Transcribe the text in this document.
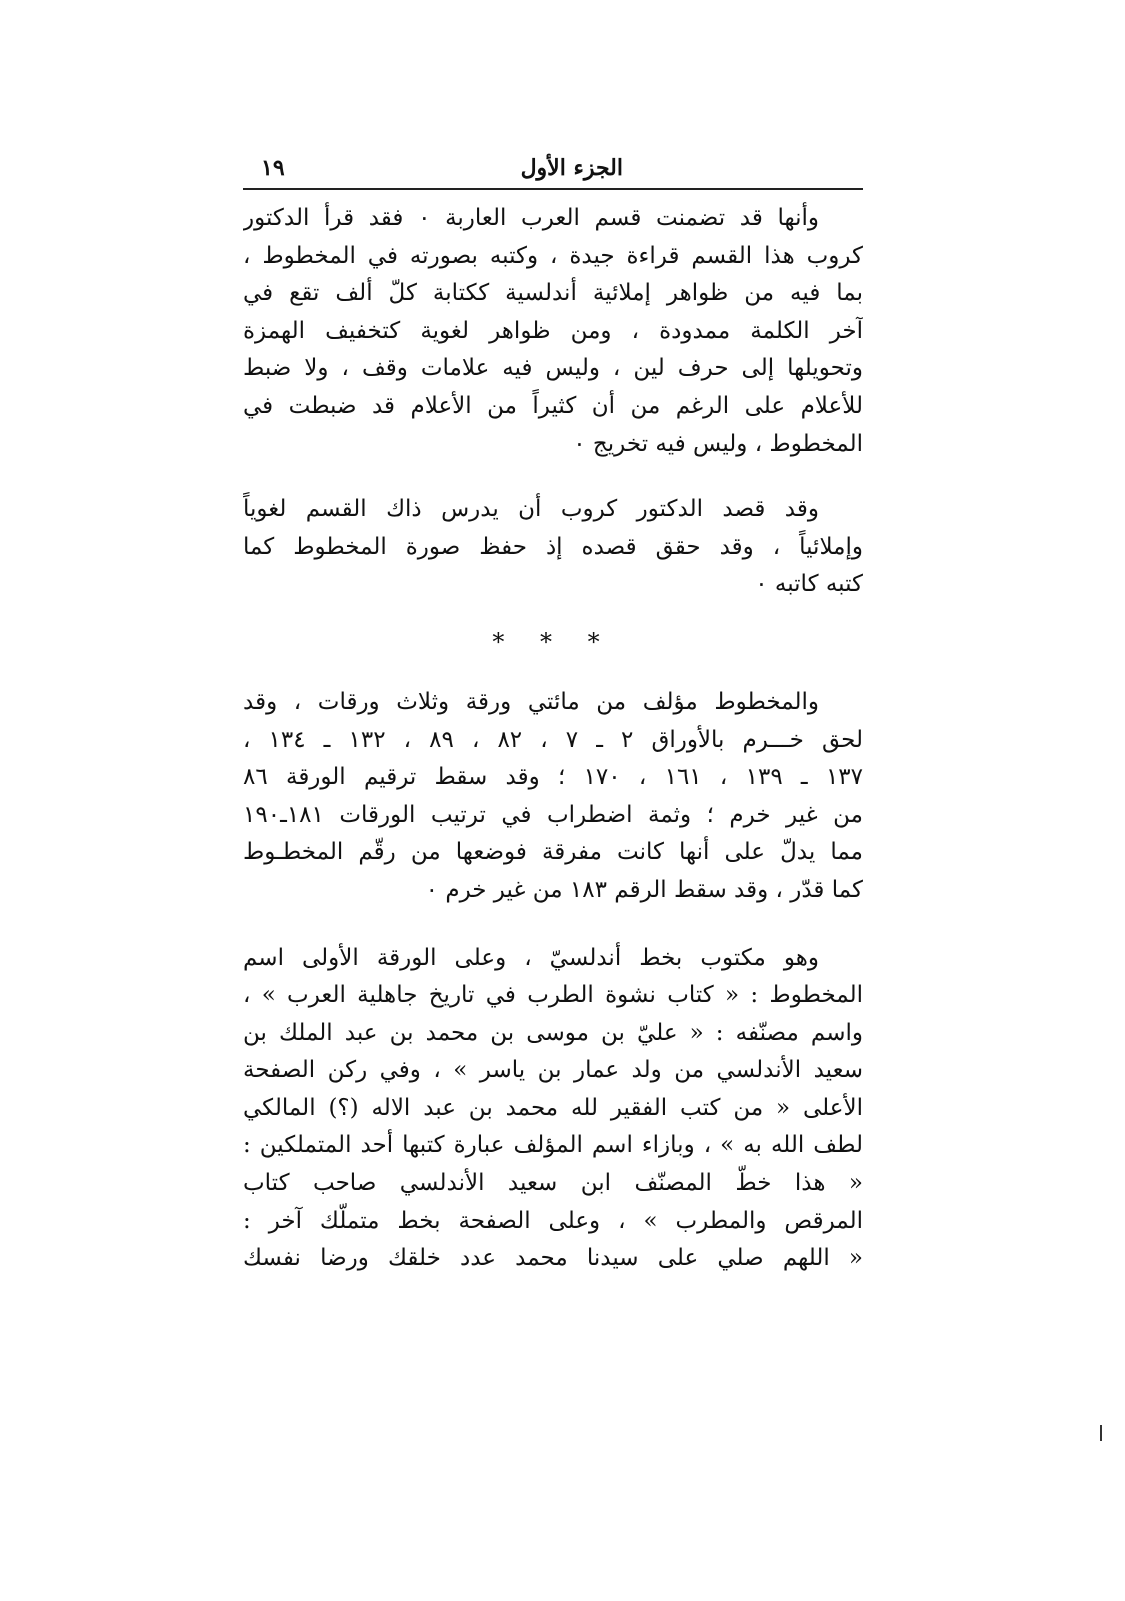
الجزء الأول
١٩
وأنها قد تضمنت قسم العرب العاربة ٠ فقد قرأ الدكتور
كروب هذا القسم قراءة جيدة ، وكتبه بصورته في المخطوط ،
بما فيه من ظواهر إملائية أندلسية ككتابة كلّ ألف تقع في
آخر الكلمة ممدودة ، ومن ظواهر لغوية كتخفيف الهمزة
وتحويلها إلى حرف لين ، وليس فيه علامات وقف ، ولا ضبط
للأعلام على الرغم من أن كثيراً من الأعلام قد ضبطت في
المخطوط ، وليس فيه تخريج ٠
وقد قصد الدكتور كروب أن يدرس ذاك القسم لغوياً
وإملائياً ، وقد حقق قصده إذ حفظ صورة المخطوط كما
كتبه كاتبه ٠
* * *
والمخطوط مؤلف من مائتي ورقة وثلاث ورقات ، وقد
لحق خـــرم بالأوراق ٢ ـ ٧ ، ٨٢ ، ٨٩ ، ١٣٢ ـ ١٣٤ ،
١٣٧ ـ ١٣٩ ، ١٦١ ، ١٧٠ ؛ وقد سقط ترقيم الورقة ٨٦
من غير خرم ؛ وثمة اضطراب في ترتيب الورقات ١٨١ـ١٩٠
مما يدلّ على أنها كانت مفرقة فوضعها من رقّم المخطـوط
كما قدّر ، وقد سقط الرقم ١٨٣ من غير خرم ٠
وهو مكتوب بخط أندلسيّ ، وعلى الورقة الأولى اسم
المخطوط : « كتاب نشوة الطرب في تاريخ جاهلية العرب » ،
واسم مصنّفه : « عليّ بن موسى بن محمد بن عبد الملك بن
سعيد الأندلسي من ولد عمار بن ياسر » ، وفي ركن الصفحة
الأعلى « من كتب الفقير لله محمد بن عبد الاله (؟) المالكي
لطف الله به » ، وبازاء اسم المؤلف عبارة كتبها أحد المتملكين :
« هذا خطّ المصنّف ابن سعيد الأندلسي صاحب كتاب
المرقص والمطرب » ، وعلى الصفحة بخط متملّك آخر :
« اللهم صلي على سيدنا محمد عدد خلقك ورضا نفسك
